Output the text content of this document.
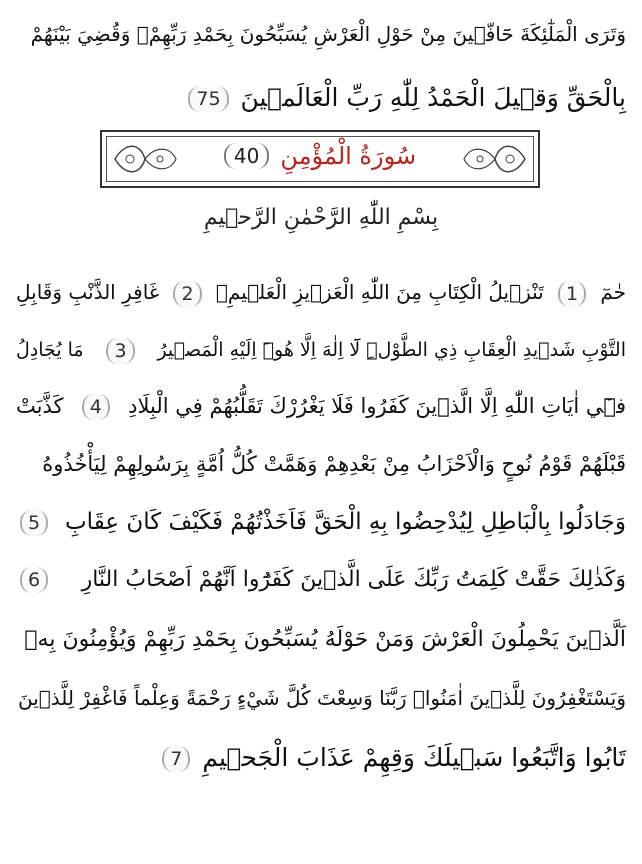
وَتَرَى الْمَلٰٓئِكَةَ حَٓافّ۪ينَ مِنْ حَوْلِ الْعَرْشِ يُسَبِّحُونَ بِحَمْدِ رَبِّهِمْۚ وَقُضِيَ بَيْنَهُمْ
بِالْحَقِّ وَق۪يلَ الْحَمْدُ لِلّٰهِ رَبِّ الْعَالَم۪ينَ 75
سُورَةُ الْمُؤْمِنِ 40
بِسْمِ اللّٰهِ الرَّحْمٰنِ الرَّح۪يمِ
حٰمٓ 1 تَنْز۪يلُ الْكِتَابِ مِنَ اللّٰهِ الْعَز۪يزِ الْعَل۪يمِۙ 2 غَافِرِ الذَّنْبِ وَقَابِلِ
التَّوْبِ شَد۪يدِ الْعِقَابِ ذِي الطَّوْلِۜ لَٓا اِلٰهَ اِلَّا هُوَۜ اِلَيْهِ الْمَص۪يرُ 3 مَا يُجَادِلُ
ف۪ٓي اٰيَاتِ اللّٰهِ اِلَّا الَّذ۪ينَ كَفَرُوا فَلَا يَغْرُرْكَ تَقَلُّبُهُمْ فِي الْبِلَادِ 4 كَذَّبَتْ
قَبْلَهُمْ قَوْمُ نُوحٍ وَالْاَحْزَابُ مِنْ بَعْدِهِمْ وَهَمَّتْ كُلُّ اُمَّةٍ بِرَسُولِهِمْ لِيَأْخُذُوهُ
وَجَادَلُوا بِالْبَاطِلِ لِيُدْحِضُوا بِهِ الْحَقَّ فَاَخَذْتُهُمْ فَكَيْفَ كَانَ عِقَابِ 5
وَكَذٰلِكَ حَقَّتْ كَلِمَتُ رَبِّكَ عَلَى الَّذ۪ينَ كَفَرُٓوا اَنَّهُمْ اَصْحَابُ النَّارِ 6
اَلَّذ۪ينَ يَحْمِلُونَ الْعَرْشَ وَمَنْ حَوْلَهُ يُسَبِّحُونَ بِحَمْدِ رَبِّهِمْ وَيُؤْمِنُونَ بِه۪
وَيَسْتَغْفِرُونَ لِلَّذ۪ينَ اٰمَنُواۚ رَبَّنَا وَسِعْتَ كُلَّ شَيْءٍ رَحْمَةً وَعِلْماً فَاغْفِرْ لِلَّذ۪ينَ
تَابُوا وَاتَّبَعُوا سَب۪يلَكَ وَقِهِمْ عَذَابَ الْجَح۪يمِ 7
